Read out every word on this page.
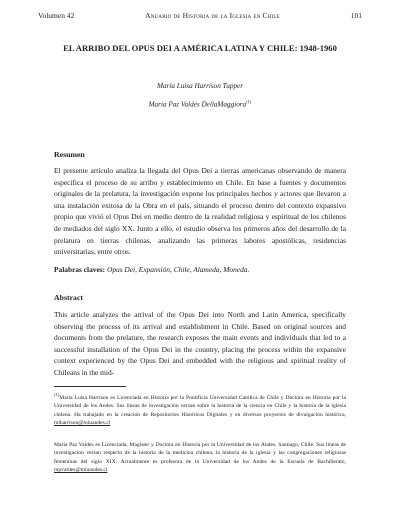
Volumen 42	Anuario de Historia de la Iglesia en Chile	101
EL ARRIBO DEL OPUS DEI A AMÉRICA LATINA Y CHILE: 1948-1960
María Luisa Harrison Tupper
María Paz Valdés DellaMaggiora$^{(1)}$
Resumen
El presente artículo analiza la llegada del Opus Dei a tierras americanas observando de manera específica el proceso de su arribo y establecimiento en Chile. En base a fuentes y documentos originales de la prelatura, la investigación expone los principales hechos y actores que llevaron a una instalación exitosa de la Obra en el país, situando el proceso dentro del contexto expansivo propio que vivió el Opus Dei en medio dentro de la realidad religiosa y espiritual de los chilenos de mediados del siglo XX. Junto a ello, el estudio observa los primeros años del desarrollo de la prelatura en tierras chilenas, analizando las primeras labores apostólicas, residencias universitarias, entre otros.
Palabras claves: Opus Dei, Expansión, Chile, Alameda, Moneda.
Abstract
This article analyzes the arrival of the Opus Dei into North and Latin America, specifically observing the process of its arrival and establishment in Chile. Based on original sources and documents from the prelature, the research exposes the main events and individuals that led to a successful installation of the Opus Dei in the country, placing the process within the expansive context experienced by the Opus Dei and embedded with the religious and spiritual reality of Chileans in the mid-
$^{(1)}$María Luisa Harrison es Licenciada en Historia por la Pontificia Universidad Católica de Chile y Doctora en Historia por la Universidad de los Andes. Sus líneas de investigación versan sobre la historia de la ciencia en Chile y la historia de la iglesia chilena. Ha trabajado en la creación de Repositorios Históricos Digitales y en diversos proyectos de divulgación histórica, mlharrison@miuandes.cl
María Paz Valdés es Licenciada, Magíster y Doctora en Historia por la Universidad de los Andes, Santiago, Chile. Sus líneas de investigación versan respecto de la historia de la medicina chilena, la historia de la iglesia y las congregaciones religiosas femeninas del siglo XIX. Actualmente es profesora de la Universidad de los Andes de la Escuela de Bachillerato, mpvaldes@miuandes.cl
